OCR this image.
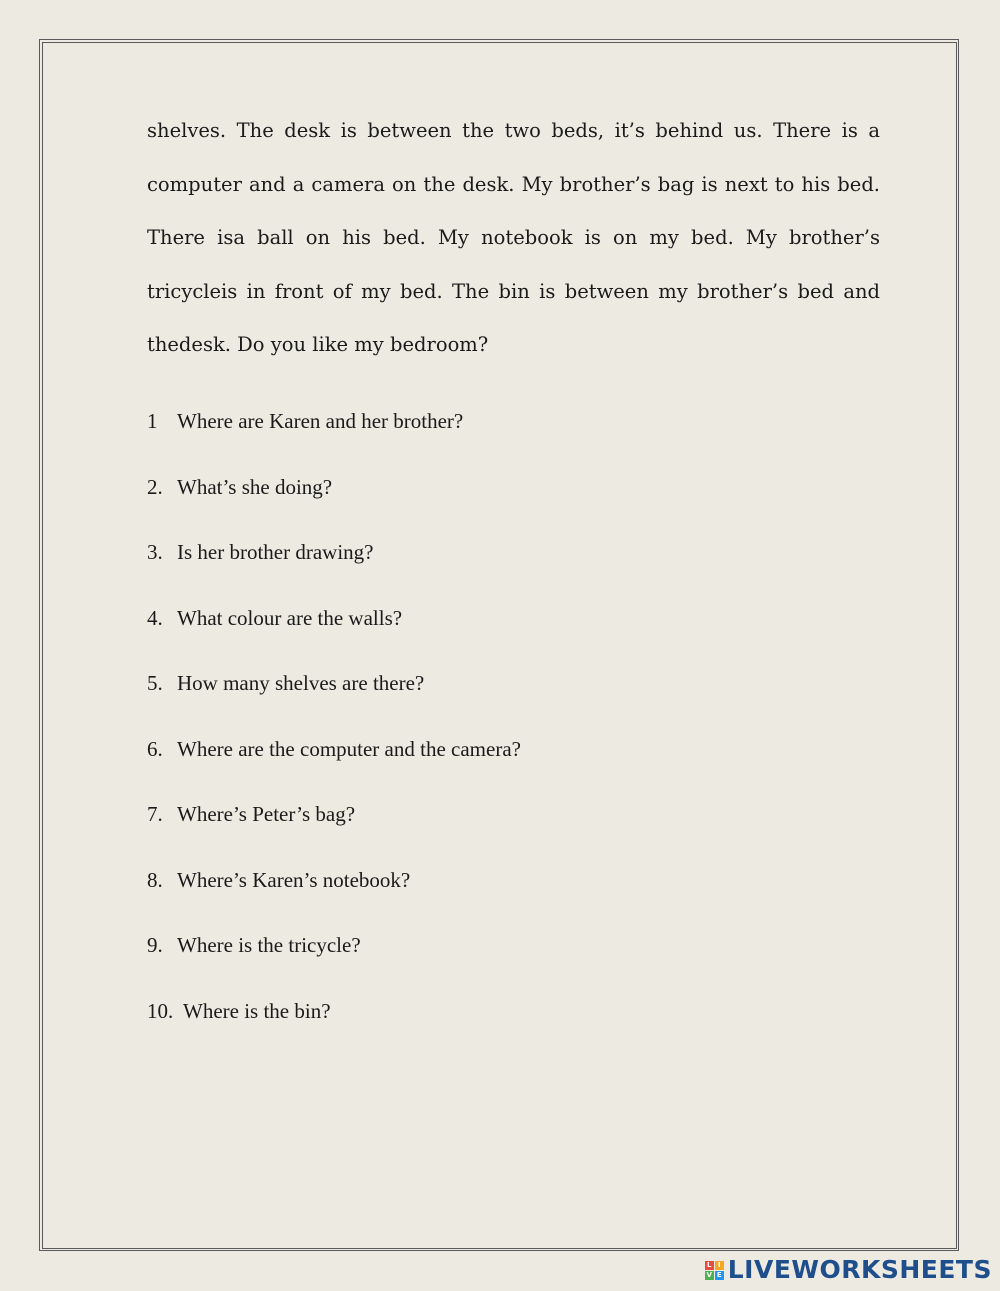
shelves. The desk is between the two beds, it’s behind us. There is a computer and a camera on the desk. My brother’s bag is next to his bed. There isa ball on his bed. My notebook is on my bed. My brother’s tricycleis in front of my bed. The bin is between my brother’s bed and thedesk. Do you like my bedroom?

1 Where are Karen and her brother?
2. What’s she doing?
3. Is her brother drawing?
4. What colour are the walls?
5. How many shelves are there?
6. Where are the computer and the camera?
7. Where’s Peter’s bag?
8. Where’s Karen’s notebook?
9. Where is the tricycle?
10. Where is the bin?
L I
V E LIVEWORKSHEETS
